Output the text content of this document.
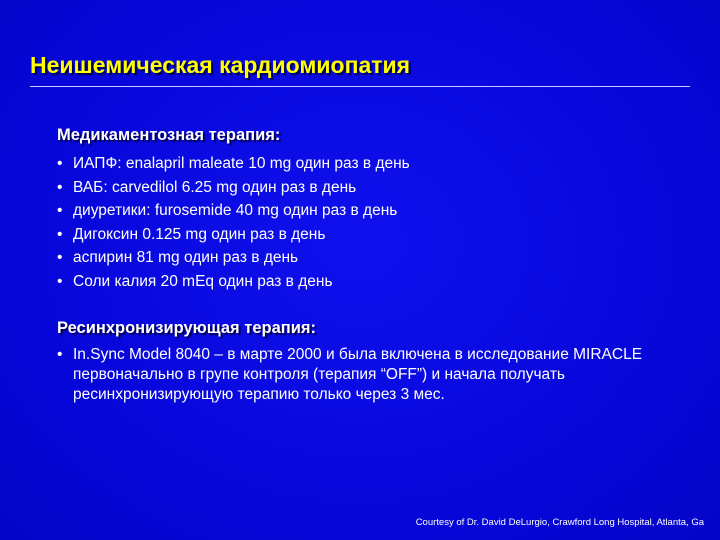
Неишемическая кардиомиопатия
Медикаментозная терапия:
• ИАПФ: enalapril maleate 10 mg один раз в день
• ВАБ: carvedilol 6.25 mg один раз в день
• диуретики: furosemide 40 mg один раз в день
• Дигоксин 0.125 mg один раз в день
• аспирин 81 mg один раз в день
• Соли калия 20 mEq один раз в день
Ресинхронизирующая терапия:
• In.Sync Model 8040 – в марте 2000 и была включена в исследование MIRACLE первоначально в групе контроля (терапия “OFF”) и начала получать ресинхронизирующую терапию только через 3 мес.
Courtesy of Dr. David DeLurgio, Crawford Long Hospital, Atlanta, Ga
